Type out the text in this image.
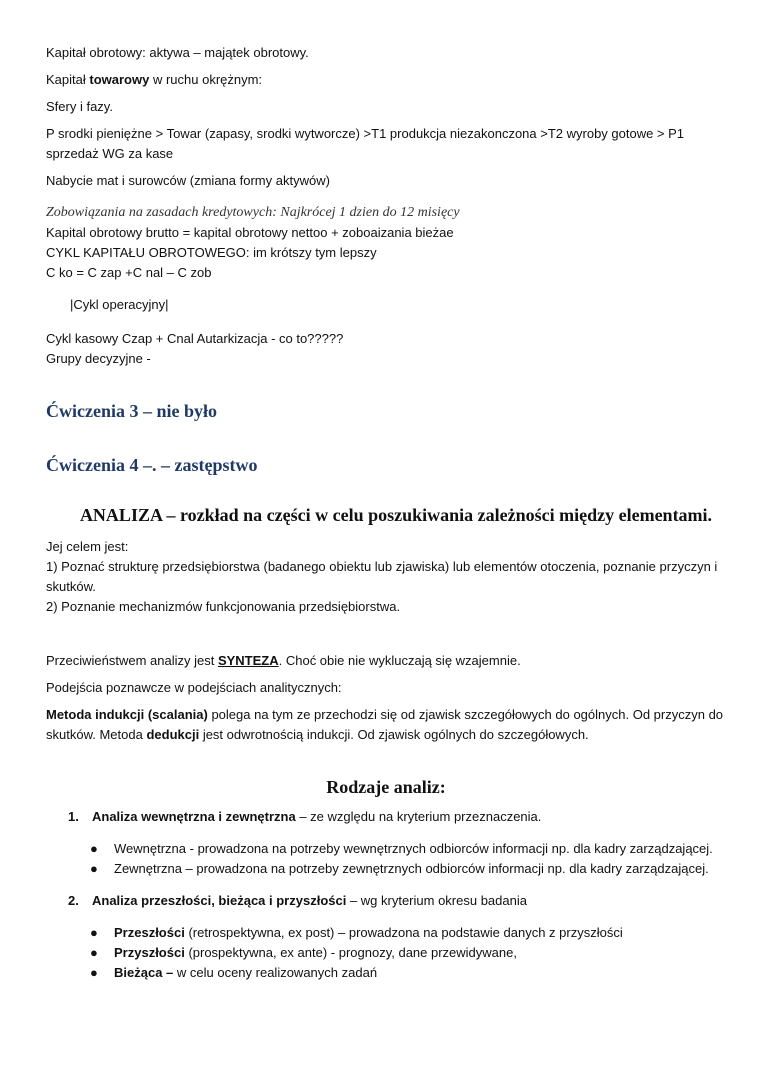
Kapitał obrotowy: aktywa – majątek obrotowy.

Kapitał towarowy w ruchu okrężnym:

Sfery i fazy.

P srodki pieniężne > Towar (zapasy, srodki wytworcze) >T1 produkcja niezakonczona >T2 wyroby gotowe > P1 sprzedaż WG za kase

Nabycie mat i surowców (zmiana formy aktywów)

Zobowiązania na zasadach kredytowych: Najkrócej 1 dzien do 12 misięcy

Kapital obrotowy brutto = kapital obrotowy nettoo + zoboaizania bieżae

CYKL KAPITAŁU OBROTOWEGO: im krótszy tym lepszy

C ko = C zap +C nal – C zob

|Cykl operacyjny|

Cykl kasowy Czap + Cnal Autarkizacja - co to?????

Grupy decyzyjne -

Ćwiczenia 3 – nie było

Ćwiczenia 4 –. – zastępstwo

ANALIZA – rozkład na części w celu poszukiwania zależności między elementami.

Jej celem jest:

1) Poznać strukturę przedsiębiorstwa (badanego obiektu lub zjawiska) lub elementów otoczenia, poznanie przyczyn i skutków.

2) Poznanie mechanizmów funkcjonowania przedsiębiorstwa.

Przeciwieństwem analizy jest SYNTEZA. Choć obie nie wykluczają się wzajemnie.

Podejścia poznawcze w podejściach analitycznych:

Metoda indukcji (scalania) polega na tym ze przechodzi się od zjawisk szczegółowych do ogólnych. Od przyczyn do skutków. Metoda dedukcji jest odwrotnością indukcji. Od zjawisk ogólnych do szczegółowych.

Rodzaje analiz:

1. Analiza wewnętrzna i zewnętrzna – ze względu na kryterium przeznaczenia.
● Wewnętrzna - prowadzona na potrzeby wewnętrznych odbiorców informacji np. dla kadry zarządzającej.
● Zewnętrzna – prowadzona na potrzeby zewnętrznych odbiorców informacji np. dla kadry zarządzającej.
2. Analiza przeszłości, bieżąca i przyszłości – wg kryterium okresu badania
● Przeszłości (retrospektywna, ex post) – prowadzona na podstawie danych z przyszłości
● Przyszłości (prospektywna, ex ante) - prognozy, dane przewidywane,
● Bieżąca – w celu oceny realizowanych zadań
